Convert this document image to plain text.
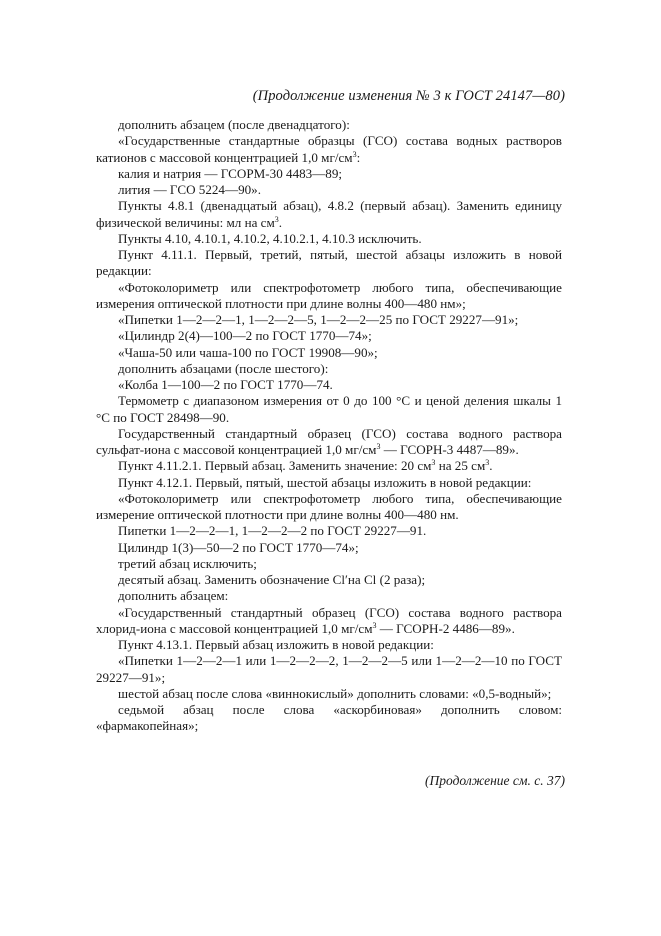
(Продолжение изменения № 3 к ГОСТ 24147—80)

дополнить абзацем (после двенадцатого):

«Государственные стандартные образцы (ГСО) состава водных растворов катионов с массовой концентрацией 1,0 $мг/см^3$:

калия и натрия — ГСОРМ-30 4483—89;

лития — ГСО 5224—90».

Пункты 4.8.1 (двенадцатый абзац), 4.8.2 (первый абзац). Заменить единицу физической величины: мл на $см^3$.

Пункты 4.10, 4.10.1, 4.10.2, 4.10.2.1, 4.10.3 исключить.

Пункт 4.11.1. Первый, третий, пятый, шестой абзацы изложить в новой редакции:

«Фотоколориметр или спектрофотометр любого типа, обеспечивающие измерения оптической плотности при длине волны 400—480 нм»;

«Пипетки 1—2—2—1, 1—2—2—5, 1—2—2—25 по ГОСТ 29227—91»;

«Цилиндр 2(4)—100—2 по ГОСТ 1770—74»;

«Чаша-50 или чаша-100 по ГОСТ 19908—90»;

дополнить абзацами (после шестого):

«Колба 1—100—2 по ГОСТ 1770—74.

Термометр с диапазоном измерения от 0 до 100 °С и ценой деления шкалы 1 °С по ГОСТ 28498—90.

Государственный стандартный образец (ГСО) состава водного раствора сульфат-иона с массовой концентрацией 1,0 $мг/см^3$ — ГСОРН-3 4487—89».

Пункт 4.11.2.1. Первый абзац. Заменить значение: 20 $см^3$ на 25 $см^3$.

Пункт 4.12.1. Первый, пятый, шестой абзацы изложить в новой редакции:

«Фотоколориметр или спектрофотометр любого типа, обеспечивающие измерение оптической плотности при длине волны 400—480 нм.

Пипетки 1—2—2—1, 1—2—2—2 по ГОСТ 29227—91.

Цилиндр 1(3)—50—2 по ГОСТ 1770—74»;

третий абзац исключить;

десятый абзац. Заменить обозначение Cl′на Cl (2 раза);

дополнить абзацем:

«Государственный стандартный образец (ГСО) состава водного раствора хлорид-иона с массовой концентрацией 1,0 $мг/см^3$ — ГСОРН-2 4486—89».

Пункт 4.13.1. Первый абзац изложить в новой редакции:

«Пипетки 1—2—2—1 или 1—2—2—2, 1—2—2—5 или 1—2—2—10 по ГОСТ 29227—91»;

шестой абзац после слова «виннокислый» дополнить словами: «0,5-водный»;

седьмой абзац после слова «аскорбиновая» дополнить словом: «фармакопейная»;

(Продолжение см. с. 37)
